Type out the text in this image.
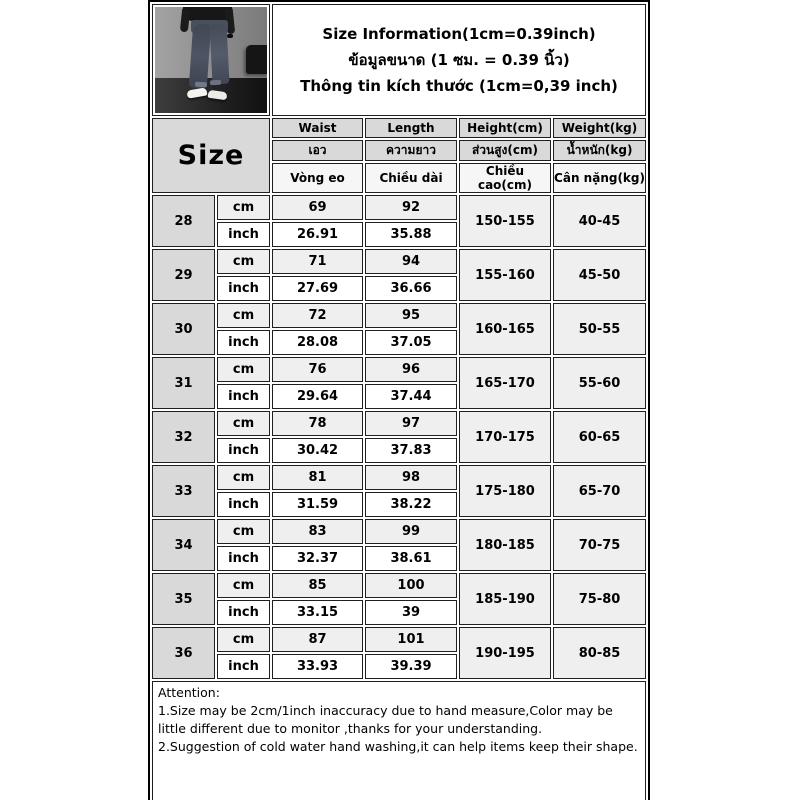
		Size Information(1cm=0.39inch)
ข้อมูลขนาด (1 ซม. = 0.39 นิ้ว)
Thông tin kích thước (1cm=0,39 inch)			

Size		Waist	Length	Height(cm)	Weight(kg)
		เอว	ความยาว	ส่วนสูง(cm)	น้ำหนัก(kg)
		Vòng eo	Chiều dài	Chiều cao(cm)	Cân nặng(kg)
28	cm	69	92	150-155	40-45
	inch	26.91	35.88		
29	cm	71	94	155-160	45-50
	inch	27.69	36.66		
30	cm	72	95	160-165	50-55
	inch	28.08	37.05		
31	cm	76	96	165-170	55-60
	inch	29.64	37.44		
32	cm	78	97	170-175	60-65
	inch	30.42	37.83		
33	cm	81	98	175-180	65-70
	inch	31.59	38.22		
34	cm	83	99	180-185	70-75
	inch	32.37	38.61		
35	cm	85	100	185-190	75-80
	inch	33.15	39		
36	cm	87	101	190-195	80-85
	inch	33.93	39.39		

Attention:
1.Size may be 2cm/1inch inaccuracy due to hand measure,Color may be little different due to monitor ,thanks for your understanding.
2.Suggestion of cold water hand washing,it can help items keep their shape.					
